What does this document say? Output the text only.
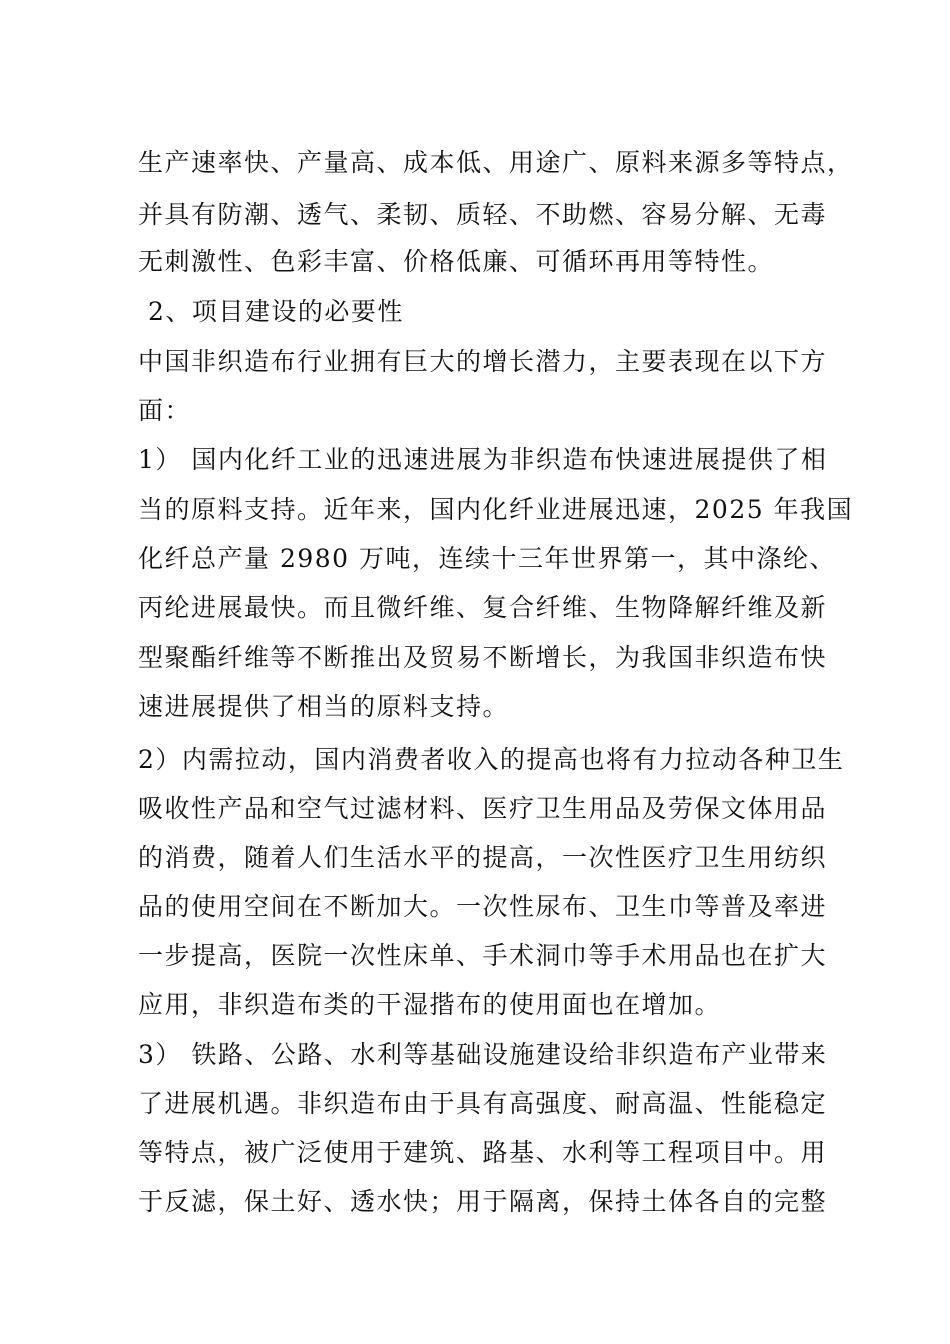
生产速率快、产量高、成本低、用途广、原料来源多等特点，
并具有防潮、透气、柔韧、质轻、不助燃、容易分解、无毒
无刺激性、色彩丰富、价格低廉、可循环再用等特性。
2、项目建设的必要性
中国非织造布行业拥有巨大的增长潜力，主要表现在以下方
面：
1） 国内化纤工业的迅速进展为非织造布快速进展提供了相
当的原料支持。近年来，国内化纤业进展迅速，2025 年我国
化纤总产量 2980 万吨，连续十三年世界第一，其中涤纶、
丙纶进展最快。而且微纤维、复合纤维、生物降解纤维及新
型聚酯纤维等不断推出及贸易不断增长，为我国非织造布快
速进展提供了相当的原料支持。
2）内需拉动，国内消费者收入的提高也将有力拉动各种卫生
吸收性产品和空气过滤材料、医疗卫生用品及劳保文体用品
的消费，随着人们生活水平的提高，一次性医疗卫生用纺织
品的使用空间在不断加大。一次性尿布、卫生巾等普及率进
一步提高，医院一次性床单、手术洞巾等手术用品也在扩大
应用，非织造布类的干湿揩布的使用面也在增加。
3） 铁路、公路、水利等基础设施建设给非织造布产业带来
了进展机遇。非织造布由于具有高强度、耐高温、性能稳定
等特点，被广泛使用于建筑、路基、水利等工程项目中。用
于反滤，保土好、透水快；用于隔离，保持土体各自的完整
